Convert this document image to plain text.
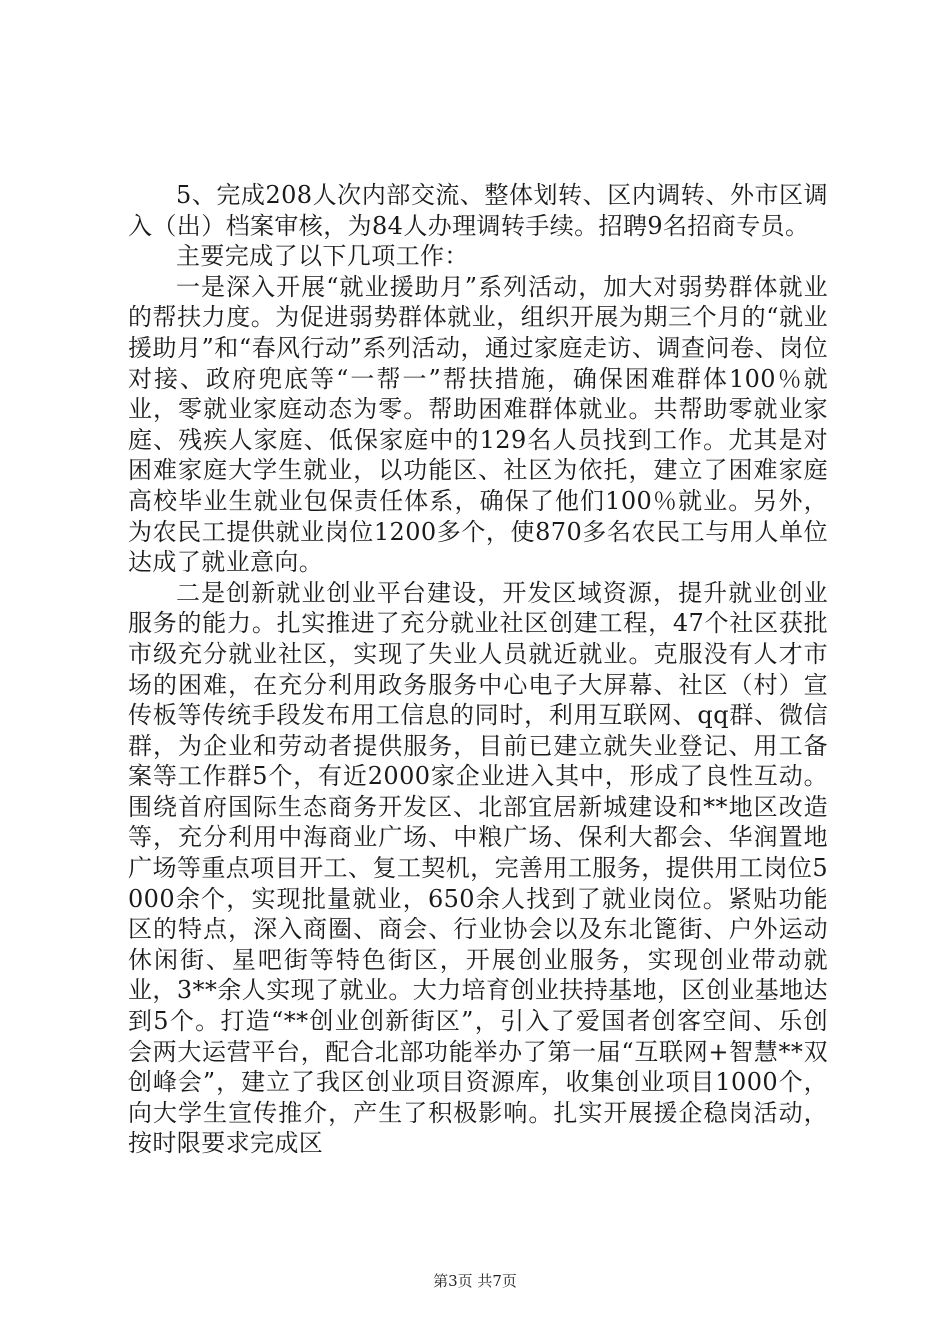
5、完成208人次内部交流、整体划转、区内调转、外市区调入（出）档案审核，为84人办理调转手续。招聘9名招商专员。

主要完成了以下几项工作：

一是深入开展“就业援助月”系列活动，加大对弱势群体就业的帮扶力度。为促进弱势群体就业，组织开展为期三个月的“就业援助月”和“春风行动”系列活动，通过家庭走访、调查问卷、岗位对接、政府兜底等“一帮一”帮扶措施，确保困难群体100％就业，零就业家庭动态为零。帮助困难群体就业。共帮助零就业家庭、残疾人家庭、低保家庭中的129名人员找到工作。尤其是对困难家庭大学生就业，以功能区、社区为依托，建立了困难家庭高校毕业生就业包保责任体系，确保了他们100％就业。另外，为农民工提供就业岗位1200多个，使870多名农民工与用人单位达成了就业意向。

二是创新就业创业平台建设，开发区域资源，提升就业创业服务的能力。扎实推进了充分就业社区创建工程，47个社区获批市级充分就业社区，实现了失业人员就近就业。克服没有人才市场的困难，在充分利用政务服务中心电子大屏幕、社区（村）宣传板等传统手段发布用工信息的同时，利用互联网、qq群、微信群，为企业和劳动者提供服务，目前已建立就失业登记、用工备案等工作群5个，有近2000家企业进入其中，形成了良性互动。围绕首府国际生态商务开发区、北部宜居新城建设和**地区改造等，充分利用中海商业广场、中粮广场、保利大都会、华润置地广场等重点项目开工、复工契机，完善用工服务，提供用工岗位5000余个，实现批量就业，650余人找到了就业岗位。紧贴功能区的特点，深入商圈、商会、行业协会以及东北篦街、户外运动休闲街、星吧街等特色街区，开展创业服务，实现创业带动就业，3**余人实现了就业。大力培育创业扶持基地，区创业基地达到5个。打造“**创业创新街区”，引入了爱国者创客空间、乐创会两大运营平台，配合北部功能举办了第一届“互联网+智慧**双创峰会”，建立了我区创业项目资源库，收集创业项目1000个，向大学生宣传推介，产生了积极影响。扎实开展援企稳岗活动，按时限要求完成区

第3页 共7页
